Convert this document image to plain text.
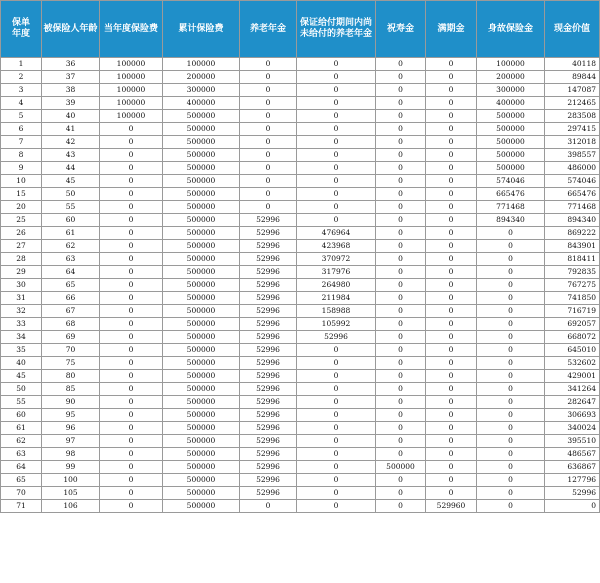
保单
年度	被保险人年龄	当年度保险费	累计保险费	养老年金	保证给付期间内尚
未给付的养老年金	祝寿金	满期金	身故保险金	现金价值
1	36	100000	100000	0	0	0	0	100000	40118
2	37	100000	200000	0	0	0	0	200000	89844
3	38	100000	300000	0	0	0	0	300000	147087
4	39	100000	400000	0	0	0	0	400000	212465
5	40	100000	500000	0	0	0	0	500000	283508
6	41	0	500000	0	0	0	0	500000	297415
7	42	0	500000	0	0	0	0	500000	312018
8	43	0	500000	0	0	0	0	500000	398557
9	44	0	500000	0	0	0	0	500000	486000
10	45	0	500000	0	0	0	0	574046	574046
15	50	0	500000	0	0	0	0	665476	665476
20	55	0	500000	0	0	0	0	771468	771468
25	60	0	500000	52996	0	0	0	894340	894340
26	61	0	500000	52996	476964	0	0	0	869222
27	62	0	500000	52996	423968	0	0	0	843901
28	63	0	500000	52996	370972	0	0	0	818411
29	64	0	500000	52996	317976	0	0	0	792835
30	65	0	500000	52996	264980	0	0	0	767275
31	66	0	500000	52996	211984	0	0	0	741850
32	67	0	500000	52996	158988	0	0	0	716719
33	68	0	500000	52996	105992	0	0	0	692057
34	69	0	500000	52996	52996	0	0	0	668072
35	70	0	500000	52996	0	0	0	0	645010
40	75	0	500000	52996	0	0	0	0	532602
45	80	0	500000	52996	0	0	0	0	429001
50	85	0	500000	52996	0	0	0	0	341264
55	90	0	500000	52996	0	0	0	0	282647
60	95	0	500000	52996	0	0	0	0	306693
61	96	0	500000	52996	0	0	0	0	340024
62	97	0	500000	52996	0	0	0	0	395510
63	98	0	500000	52996	0	0	0	0	486567
64	99	0	500000	52996	0	500000	0	0	636867
65	100	0	500000	52996	0	0	0	0	127796
70	105	0	500000	52996	0	0	0	0	52996
71	106	0	500000	0	0	0	529960	0	0
